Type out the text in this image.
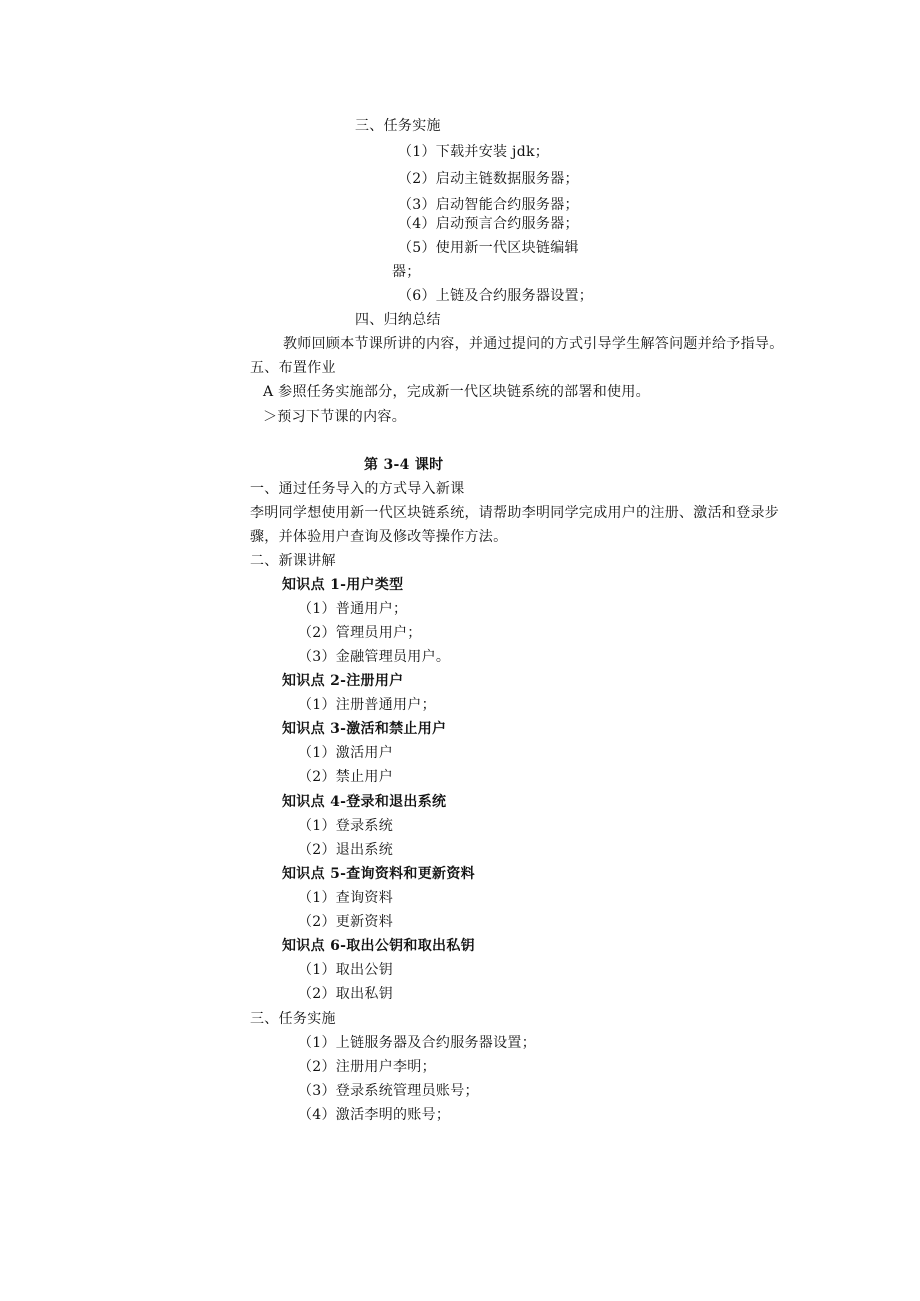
三、任务实施
（1）下载并安装 jdk；
（2）启动主链数据服务器；
（3）启动智能合约服务器；
（4）启动预言合约服务器；
（5）使用新一代区块链编辑
器；
（6）上链及合约服务器设置；
四、归纳总结
教师回顾本节课所讲的内容，并通过提问的方式引导学生解答问题并给予指导。
五、布置作业
A 参照任务实施部分，完成新一代区块链系统的部署和使用。
＞预习下节课的内容。
第 3-4 课时
一、通过任务导入的方式导入新课
李明同学想使用新一代区块链系统，请帮助李明同学完成用户的注册、激活和登录步
骤，并体验用户查询及修改等操作方法。
二、新课讲解
知识点 1-用户类型
（1）普通用户；
（2）管理员用户；
（3）金融管理员用户。
知识点 2-注册用户
（1）注册普通用户；
知识点 3-激活和禁止用户
（1）激活用户
（2）禁止用户
知识点 4-登录和退出系统
（1）登录系统
（2）退出系统
知识点 5-查询资料和更新资料
（1）查询资料
（2）更新资料
知识点 6-取出公钥和取出私钥
（1）取出公钥
（2）取出私钥
三、任务实施
（1）上链服务器及合约服务器设置；
（2）注册用户李明；
（3）登录系统管理员账号；
（4）激活李明的账号；
